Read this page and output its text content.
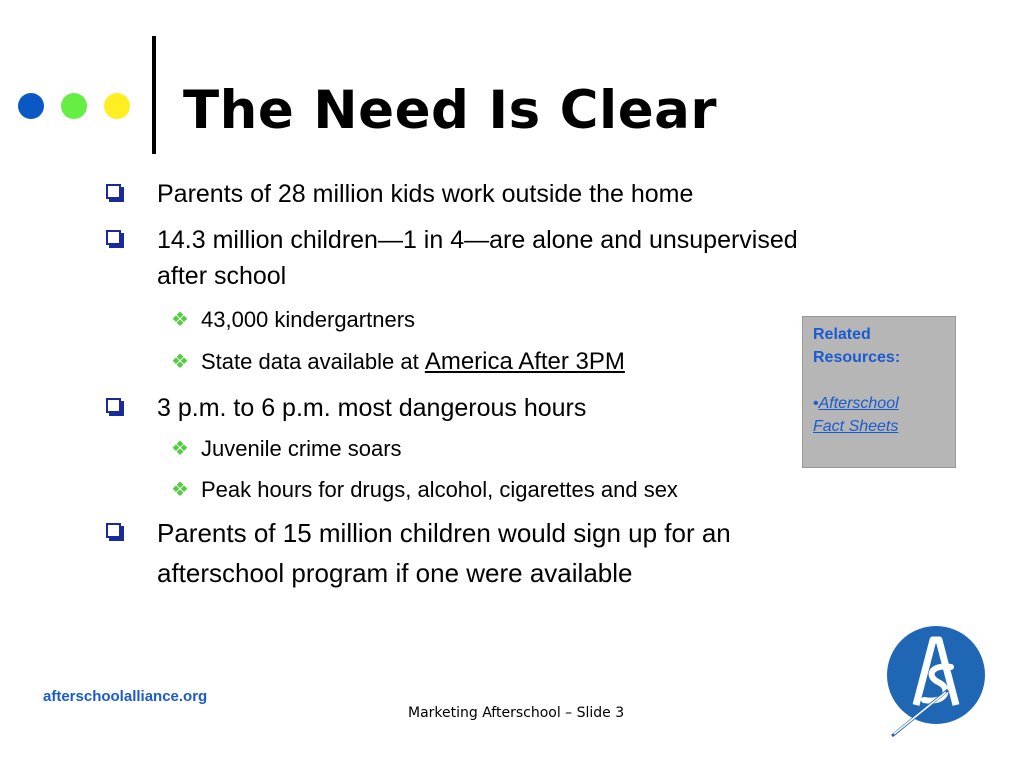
The Need Is Clear
Parents of 28 million kids work outside the home
14.3 million children—1 in 4—are alone and unsupervised
after school
❖ 43,000 kindergartners
❖ State data available at America After 3PM
3 p.m. to 6 p.m. most dangerous hours
❖ Juvenile crime soars
❖ Peak hours for drugs, alcohol, cigarettes and sex
Parents of 15 million children would sign up for an
afterschool program if one were available
Related
Resources:
•Afterschool
Fact Sheets
afterschoolalliance.org
Marketing Afterschool – Slide 3
